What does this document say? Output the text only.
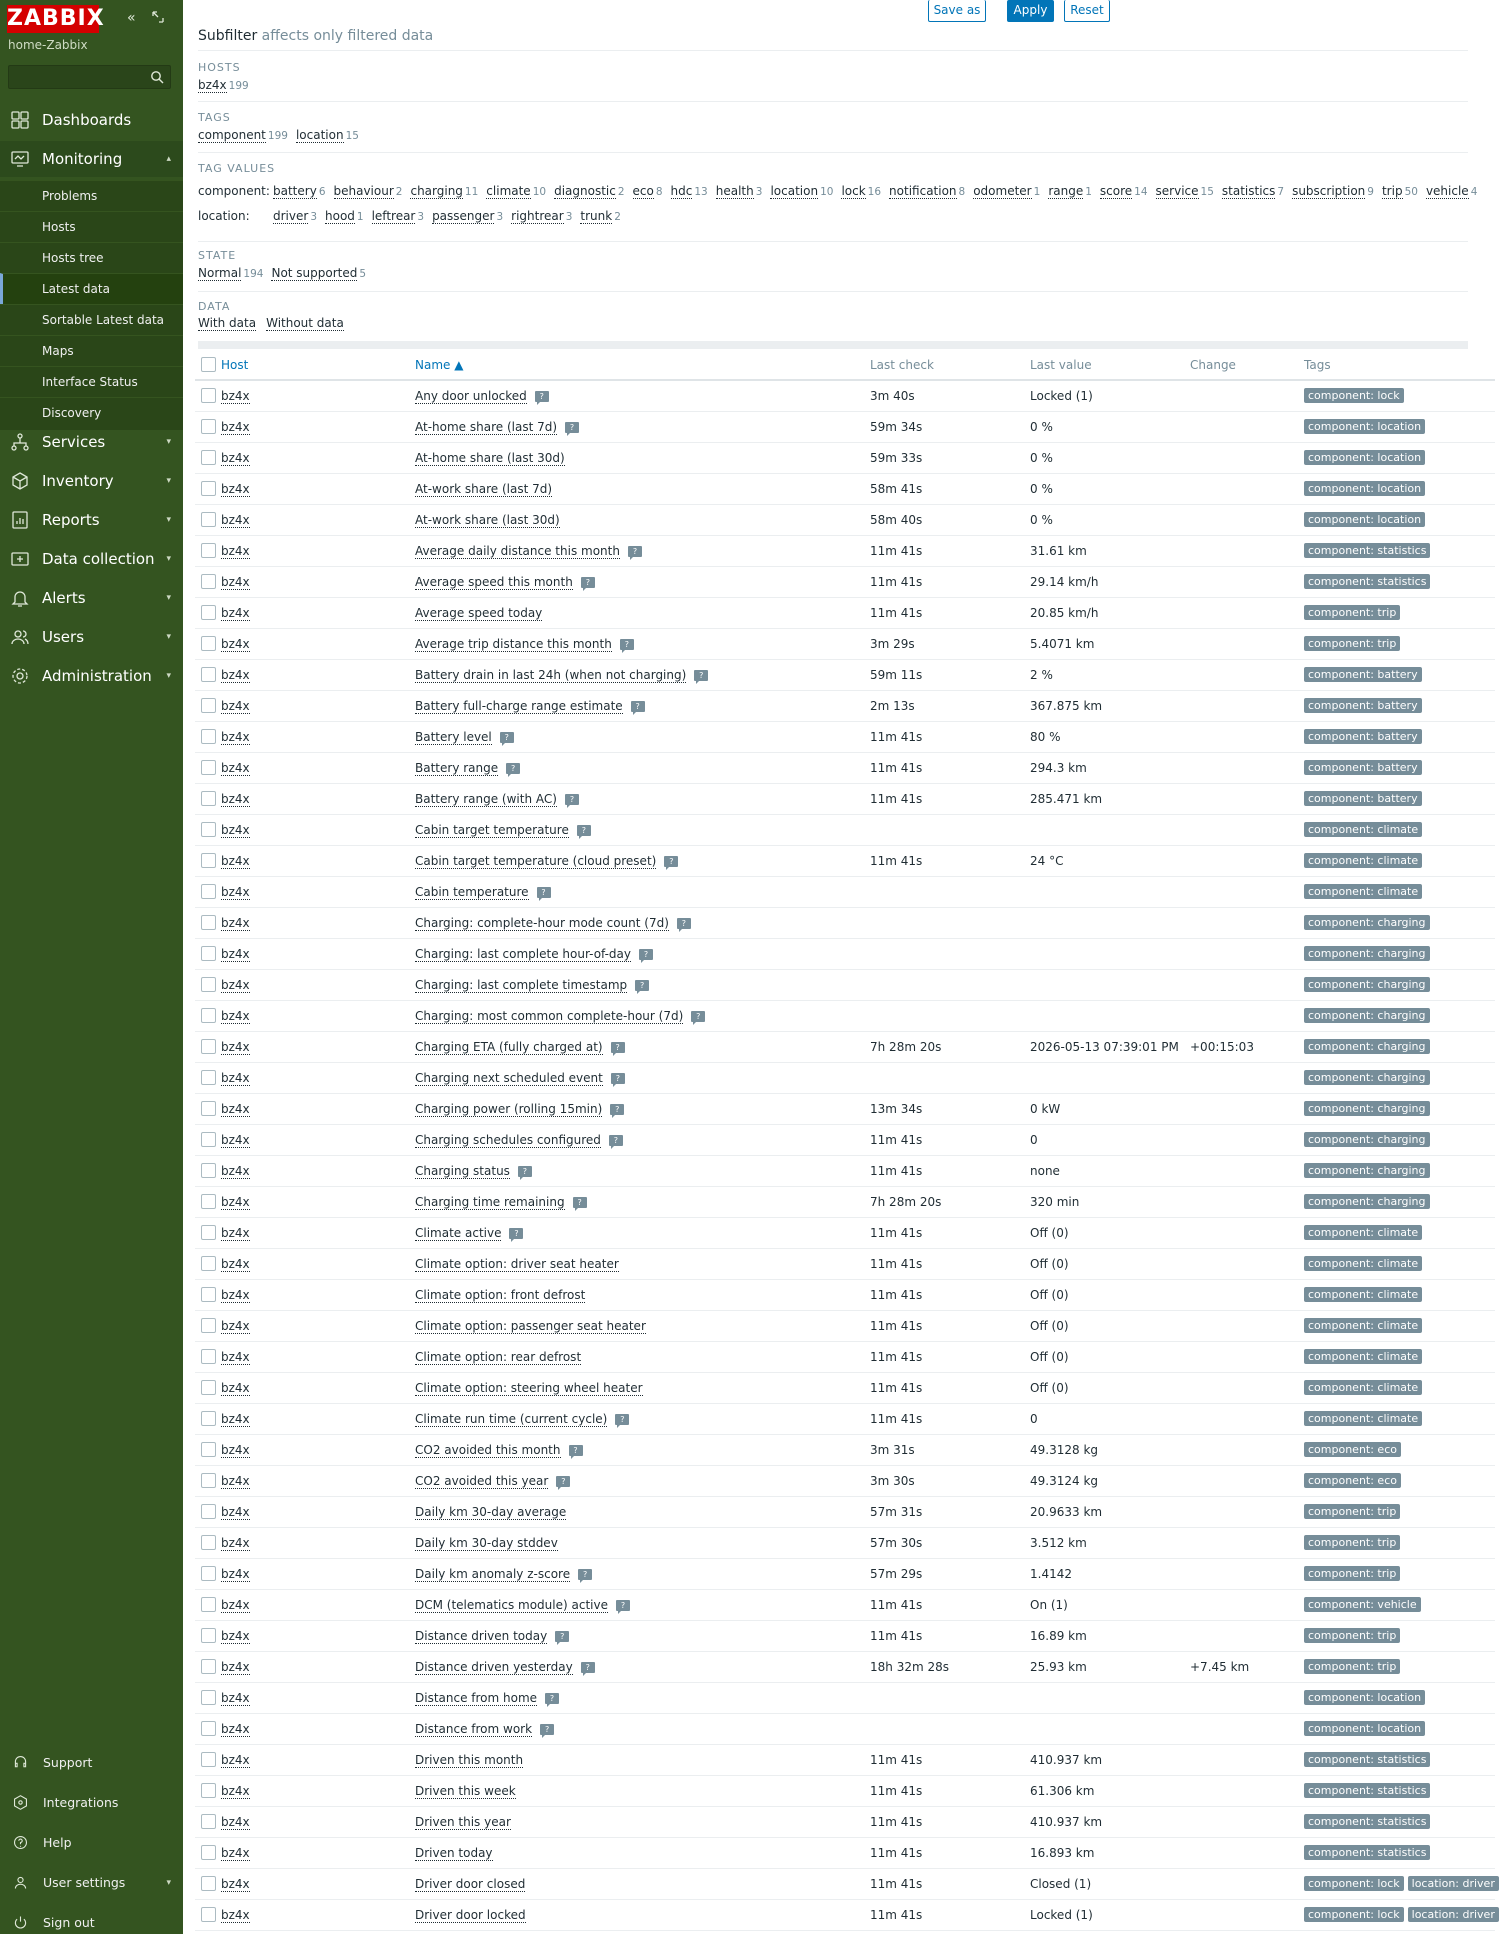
ZABBIX «
home-Zabbix
Dashboards
Monitoring	▴
Services	▾
Inventory	▾
Reports	▾
Data collection ▾
Alerts	▾
Users	▾
Administration ▾
Problems
Hosts
Hosts tree
Latest data
Sortable Latest data
Maps
Interface Status
Discovery
Support
Integrations
Help
User settings	▾
Sign out
Save as	Apply	Reset
Subfilter affects only filtered data
HOSTS
bz4x 199
TAGS
component 199 location 15
TAG VALUES
component: battery 6 behaviour 2 charging 11 climate 10 diagnostic 2 eco 8 hdc 13 health 3 location 10 lock 16 notification 8 odometer 1 range 1 score 14 service 15 statistics 7 subscription 9 trip 50 vehicle 4
location: driver 3 hood 1 leftrear 3 passenger 3 rightrear 3 trunk 2
STATE
Normal 194 Not supported 5
DATA
With data Without data
	Host	Name ▲	Last check	Last value	Change	Tags
	bz4x	Any door unlocked ?	3m 40s	Locked (1)		component: lock
	bz4x	At-home share (last 7d) ?	59m 34s	0 %		component: location
	bz4x	At-home share (last 30d)	59m 33s	0 %		component: location
	bz4x	At-work share (last 7d)	58m 41s	0 %		component: location
	bz4x	At-work share (last 30d)	58m 40s	0 %		component: location
	bz4x	Average daily distance this month ?	11m 41s	31.61 km		component: statistics
	bz4x	Average speed this month ?	11m 41s	29.14 km/h		component: statistics
	bz4x	Average speed today	11m 41s	20.85 km/h		component: trip
	bz4x	Average trip distance this month ?	3m 29s	5.4071 km		component: trip
	bz4x	Battery drain in last 24h (when not charging) ?	59m 11s	2 %		component: battery
	bz4x	Battery full-charge range estimate ?	2m 13s	367.875 km		component: battery
	bz4x	Battery level ?	11m 41s	80 %		component: battery
	bz4x	Battery range ?	11m 41s	294.3 km		component: battery
	bz4x	Battery range (with AC) ?	11m 41s	285.471 km		component: battery
	bz4x	Cabin target temperature ?				component: climate
	bz4x	Cabin target temperature (cloud preset) ?	11m 41s	24 °C		component: climate
	bz4x	Cabin temperature ?				component: climate
	bz4x	Charging: complete-hour mode count (7d) ?				component: charging
	bz4x	Charging: last complete hour-of-day ?				component: charging
	bz4x	Charging: last complete timestamp ?				component: charging
	bz4x	Charging: most common complete-hour (7d) ?				component: charging
	bz4x	Charging ETA (fully charged at) ?	7h 28m 20s	2026-05-13 07:39:01 PM	+00:15:03	component: charging
	bz4x	Charging next scheduled event ?				component: charging
	bz4x	Charging power (rolling 15min) ?	13m 34s	0 kW		component: charging
	bz4x	Charging schedules configured ?	11m 41s	0		component: charging
	bz4x	Charging status ?	11m 41s	none		component: charging
	bz4x	Charging time remaining ?	7h 28m 20s	320 min		component: charging
	bz4x	Climate active ?	11m 41s	Off (0)		component: climate
	bz4x	Climate option: driver seat heater	11m 41s	Off (0)		component: climate
	bz4x	Climate option: front defrost	11m 41s	Off (0)		component: climate
	bz4x	Climate option: passenger seat heater	11m 41s	Off (0)		component: climate
	bz4x	Climate option: rear defrost	11m 41s	Off (0)		component: climate
	bz4x	Climate option: steering wheel heater	11m 41s	Off (0)		component: climate
	bz4x	Climate run time (current cycle) ?	11m 41s	0		component: climate
	bz4x	CO2 avoided this month ?	3m 31s	49.3128 kg		component: eco
	bz4x	CO2 avoided this year ?	3m 30s	49.3124 kg		component: eco
	bz4x	Daily km 30-day average	57m 31s	20.9633 km		component: trip
	bz4x	Daily km 30-day stddev	57m 30s	3.512 km		component: trip
	bz4x	Daily km anomaly z-score ?	57m 29s	1.4142		component: trip
	bz4x	DCM (telematics module) active ?	11m 41s	On (1)		component: vehicle
	bz4x	Distance driven today ?	11m 41s	16.89 km		component: trip
	bz4x	Distance driven yesterday ?	18h 32m 28s	25.93 km	+7.45 km	component: trip
	bz4x	Distance from home ?				component: location
	bz4x	Distance from work ?				component: location
	bz4x	Driven this month	11m 41s	410.937 km		component: statistics
	bz4x	Driven this week	11m 41s	61.306 km		component: statistics
	bz4x	Driven this year	11m 41s	410.937 km		component: statistics
	bz4x	Driven today	11m 41s	16.893 km		component: statistics
	bz4x	Driver door closed	11m 41s	Closed (1)		component: lock location: driver
	bz4x	Driver door locked	11m 41s	Locked (1)		component: lock location: driver
